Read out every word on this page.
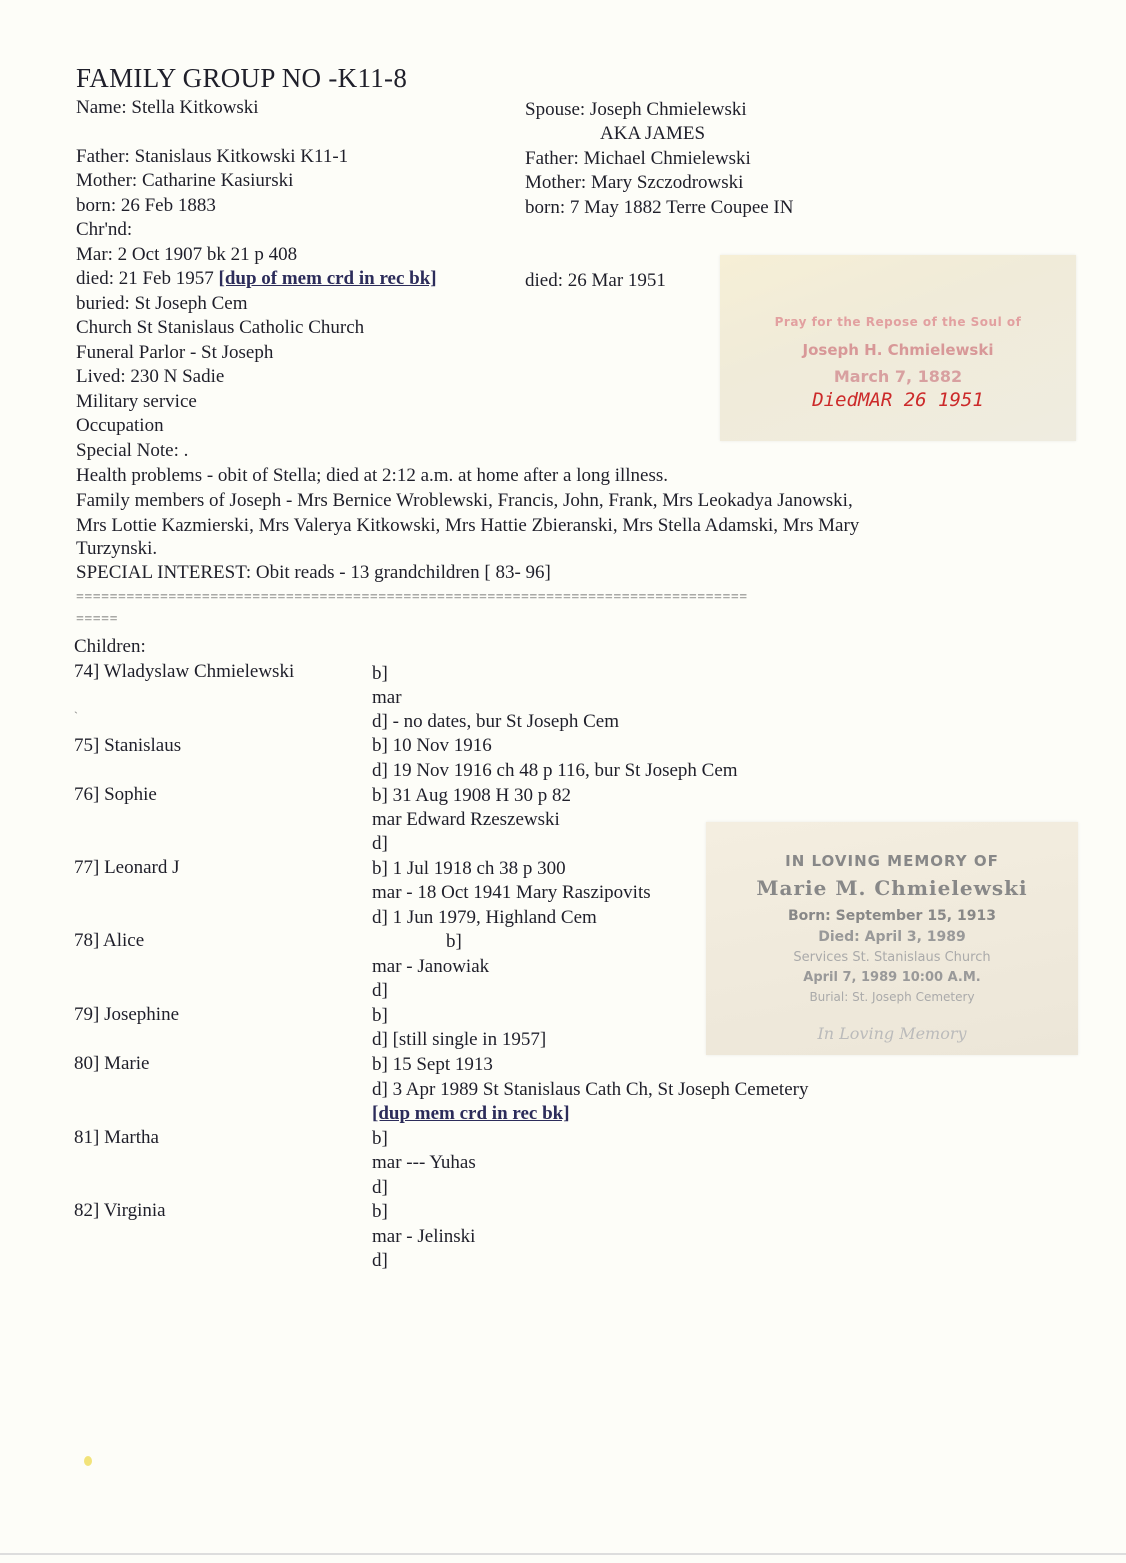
FAMILY GROUP NO -K11-8
Name: Stella Kitkowski
Father: Stanislaus Kitkowski K11-1
Mother: Catharine Kasiurski
born: 26 Feb 1883
Chr'nd:
Mar: 2 Oct 1907 bk 21 p 408
died: 21 Feb 1957 [dup of mem crd in rec bk]
buried: St Joseph Cem
Church St Stanislaus Catholic Church
Funeral Parlor - St Joseph
Lived: 230 N Sadie
Military service
Occupation
Special Note: .
Spouse: Joseph Chmielewski
AKA JAMES
Father: Michael Chmielewski
Mother: Mary Szczodrowski
born: 7 May 1882 Terre Coupee IN
died: 26 Mar 1951
Pray for the Repose of the Soul of
Joseph H. Chmielewski
March 7, 1882
DiedMAR 26 1951
Health problems - obit of Stella; died at 2:12 a.m. at home after a long illness.
Family members of Joseph - Mrs Bernice Wroblewski, Francis, John, Frank, Mrs Leokadya Janowski,
Mrs Lottie Kazmierski, Mrs Valerya Kitkowski, Mrs Hattie Zbieranski, Mrs Stella Adamski, Mrs Mary
Turzynski.
SPECIAL INTEREST: Obit reads - 13 grandchildren [ 83- 96]
================================================================================
=====
Children:
74] Wladyslaw Chmielewski	b]
mar
`	d] - no dates, bur St Joseph Cem
75] Stanislaus	b] 10 Nov 1916
d] 19 Nov 1916 ch 48 p 116, bur St Joseph Cem
76] Sophie	b] 31 Aug 1908 H 30 p 82
mar Edward Rzeszewski
d]
77] Leonard J	b] 1 Jul 1918 ch 38 p 300
mar - 18 Oct 1941 Mary Raszipovits
d] 1 Jun 1979, Highland Cem
78] Alice	b]
mar - Janowiak
d]
79] Josephine	b]
d] [still single in 1957]
80] Marie	b] 15 Sept 1913
d] 3 Apr 1989 St Stanislaus Cath Ch, St Joseph Cemetery
[dup mem crd in rec bk]
81] Martha	b]
mar --- Yuhas
d]
82] Virginia	b]
mar - Jelinski
d]
IN LOVING MEMORY OF
Marie M. Chmielewski
Born: September 15, 1913
Died: April 3, 1989
Services St. Stanislaus Church
April 7, 1989 10:00 A.M.
Burial: St. Joseph Cemetery
In Loving Memory
